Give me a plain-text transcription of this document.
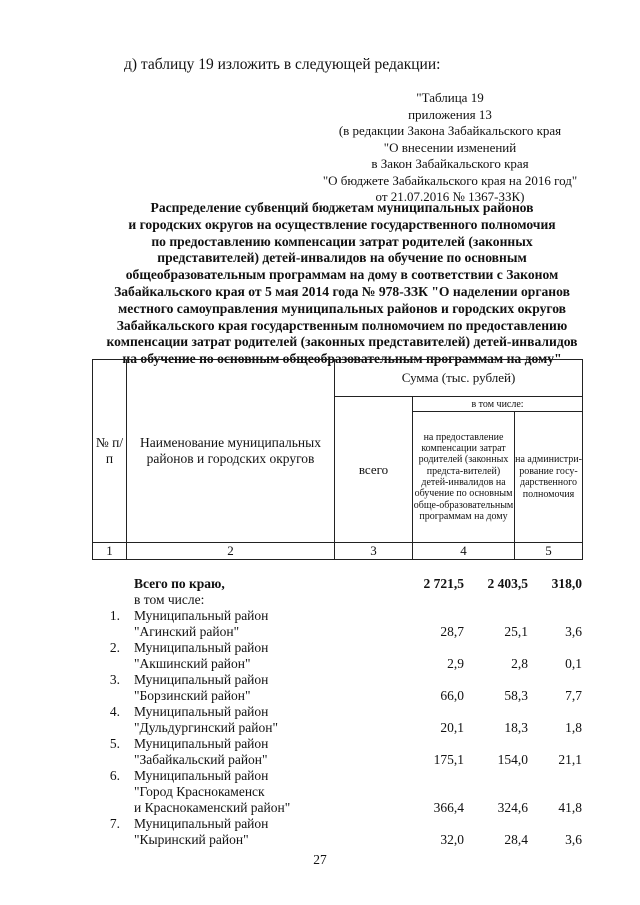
д) таблицу 19 изложить в следующей редакции:
"Таблица 19
приложения 13
(в редакции Закона Забайкальского края
"О внесении изменений
в Закон Забайкальского края
"О бюджете Забайкальского края на 2016 год"
от 21.07.2016 № 1367-ЗЗК)
Распределение субвенций бюджетам муниципальных районов
и городских округов на осуществление государственного полномочия
по предоставлению компенсации затрат родителей (законных
представителей) детей-инвалидов на обучение по основным
общеобразовательным программам на дому в соответствии с Законом
Забайкальского края от 5 мая 2014 года № 978-ЗЗК "О наделении органов
местного самоуправления муниципальных районов и городских округов
Забайкальского края государственным полномочием по предоставлению
компенсации затрат родителей (законных представителей) детей-инвалидов
на обучение по основным общеобразовательным программам на дому"
№ п/п	Наименование муниципальных районов и городских округов	Сумма (тыс. рублей)		
		всего	в том числе:	
			на предоставление компенсации затрат родителей (законных предста-вителей) детей-инвалидов на обучение по основным обще-образовательным программам на дому	на администри-рование госу-дарственного полномочия
1	2	3	4	5
Всего по краю,	2 721,5	2 403,5	318,0
в том числе:
1. Муниципальный район
"Агинский район"	28,7	25,1	3,6
2. Муниципальный район
"Акшинский район"	2,9	2,8	0,1
3. Муниципальный район
"Борзинский район"	66,0	58,3	7,7
4. Муниципальный район
"Дульдургинский район"	20,1	18,3	1,8
5. Муниципальный район
"Забайкальский район"	175,1	154,0	21,1
6. Муниципальный район
"Город Краснокаменск
и Краснокаменский район"	366,4	324,6	41,8
7. Муниципальный район
"Кыринский район"	32,0	28,4	3,6
27
